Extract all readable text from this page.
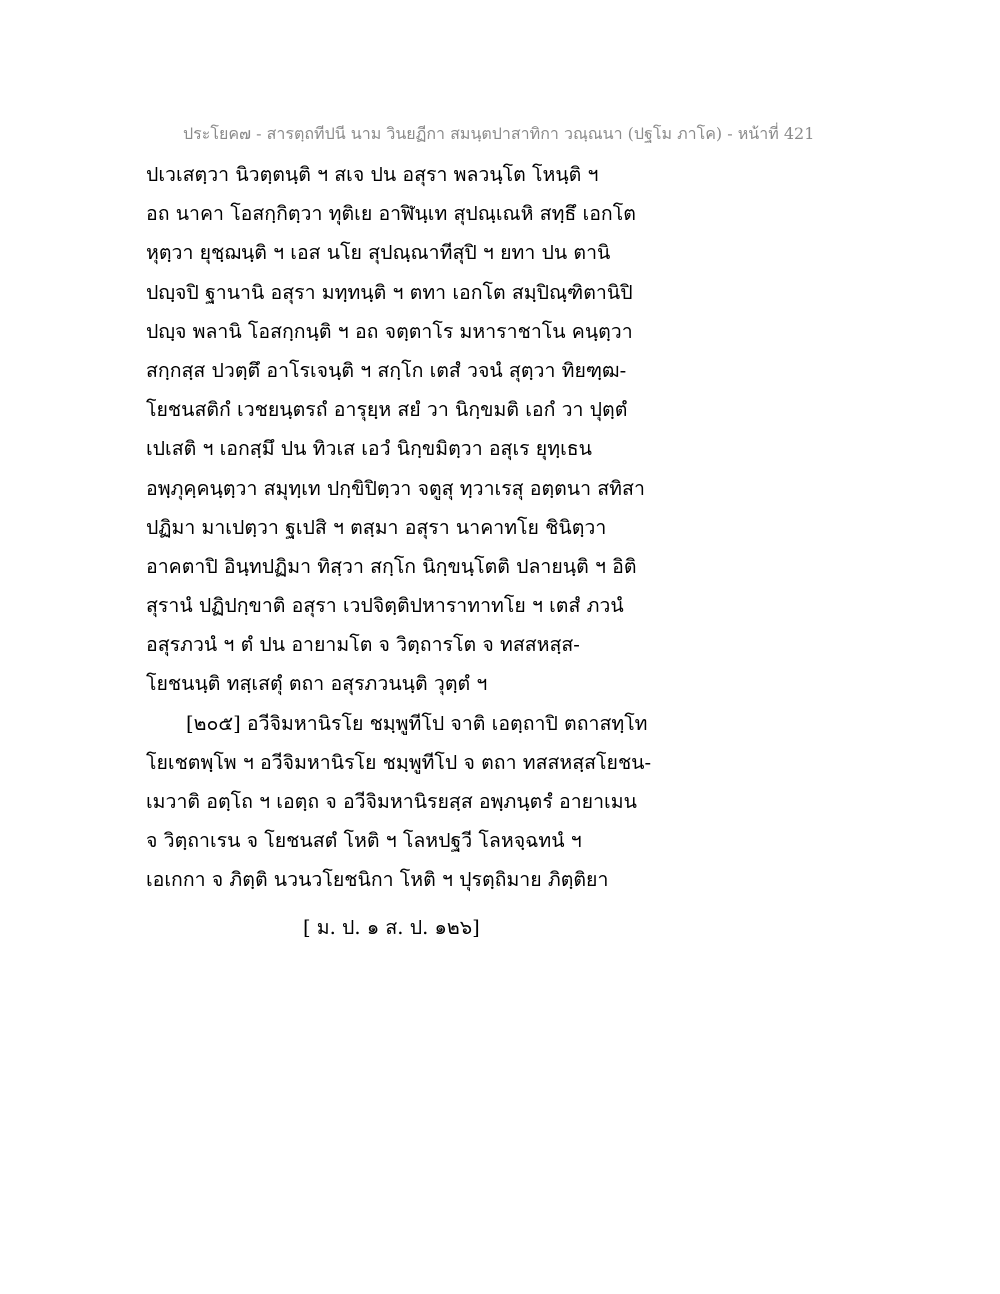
ประโยค๗ - สารตฺถทีปนี นาม วินยฏีกา สมนฺตปาสาทิกา วณฺณนา (ปฐโม ภาโค) - หน้าที่ 421
ปเวเสตฺวา นิวตฺตนฺติ ฯ สเจ ปน อสุรา พลวนฺโต โหนฺติ ฯ
อถ นาคา โอสกฺกิตฺวา ทุติเย อาฬินฺเท สุปณฺเณหิ สทฺธึ เอกโต
หุตฺวา ยุชฺฌนฺติ ฯ เอส นโย สุปณฺณาทีสุปิ ฯ ยทา ปน ตานิ
ปญฺจปิ ฐานานิ อสุรา มทฺทนฺติ ฯ ตทา เอกโต สมฺปิณฺฑิตานิปิ
ปญฺจ พลานิ โอสกฺกนฺติ ฯ อถ จตฺตาโร มหาราชาโน คนฺตฺวา
สกฺกสฺส ปวตฺตึ อาโรเจนฺติ ฯ สกฺโก เตสํ วจนํ สุตฺวา ทิยฑฺฒ-
โยชนสติกํ เวชยนฺตรถํ อารุยฺห สยํ วา นิกฺขมติ เอกํ วา ปุตฺตํ
เปเสติ ฯ เอกสฺมึ ปน ทิวเส เอวํ นิกฺขมิตฺวา อสุเร ยุทฺเธน
อพฺภุคฺคนฺตฺวา สมุทฺเท ปกฺขิปิตฺวา จตูสุ ทฺวาเรสุ อตฺตนา สทิสา
ปฏิมา มาเปตฺวา ฐเปสิ ฯ ตสฺมา อสุรา นาคาทโย ชินิตฺวา
อาคตาปิ อินฺทปฏิมา ทิสฺวา สกฺโก นิกฺขนฺโตติ ปลายนฺติ ฯ อิติ
สุรานํ ปฏิปกฺขาติ อสุรา เวปจิตฺติปหาราทาทโย ฯ เตสํ ภวนํ
อสุรภวนํ ฯ ตํ ปน อายามโต จ วิตฺถารโต จ ทสสหสฺส-
โยชนนฺติ ทสฺเสตุํ ตถา อสุรภวนนฺติ วุตฺตํ ฯ
[๒๐๕] อวีจิมหานิรโย ชมฺพูทีโป จาติ เอตฺถาปิ ตถาสทฺโท
โยเชตพฺโพ ฯ อวีจิมหานิรโย ชมฺพูทีโป จ ตถา ทสสหสฺสโยชน-
เมวาติ อตฺโถ ฯ เอตฺถ จ อวีจิมหานิรยสฺส อพฺภนฺตรํ อายาเมน
จ วิตฺถาเรน จ โยชนสตํ โหติ ฯ โลหปฐวี โลหจฺฉทนํ ฯ
เอเกกา จ ภิตฺติ นวนวโยชนิกา โหติ ฯ ปุรตฺถิมาย ภิตฺติยา
[ ม. ป. ๑ ส. ป. ๑๒๖]
